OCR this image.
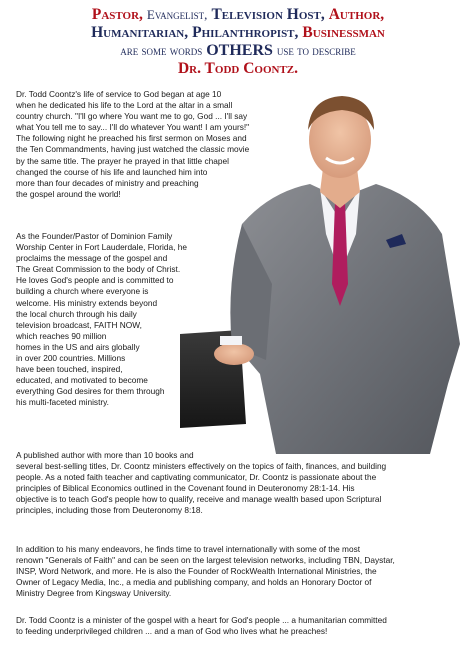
Pastor, Evangelist, Television Host, Author,
Humanitarian, Philanthropist, Businessman
are some words OTHERS use to describe
Dr. Todd Coontz.
Dr. Todd Coontz's life of service to God began at age 10
when he dedicated his life to the Lord at the altar in a small
country church. "I'll go where You want me to go, God ... I'll say
what You tell me to say... I'll do whatever You want! I am yours!"
The following night he preached his first sermon on Moses and
the Ten Commandments, having just watched the classic movie
by the same title. The prayer he prayed in that little chapel
changed the course of his life and launched him into
more than four decades of ministry and preaching
the gospel around the world!
As the Founder/Pastor of Dominion Family
Worship Center in Fort Lauderdale, Florida, he
proclaims the message of the gospel and
The Great Commission to the body of Christ.
He loves God's people and is committed to
building a church where everyone is
welcome. His ministry extends beyond
the local church through his daily
television broadcast, FAITH NOW,
which reaches 90 million
homes in the US and airs globally
in over 200 countries. Millions
have been touched, inspired,
educated, and motivated to become
everything God desires for them through
his multi-faceted ministry.
A published author with more than 10 books and
several best-selling titles, Dr. Coontz ministers effectively on the topics of faith, finances, and building
people. As a noted faith teacher and captivating communicator, Dr. Coontz is passionate about the
principles of Biblical Economics outlined in the Covenant found in Deuteronomy 28:1-14. His
objective is to teach God's people how to qualify, receive and manage wealth based upon Scriptural
principles, including those from Deuteronomy 8:18.
In addition to his many endeavors, he finds time to travel internationally with some of the most
renown "Generals of Faith" and can be seen on the largest television networks, including TBN, Daystar,
INSP, Word Network, and more. He is also the Founder of RockWealth International Ministries, the
Owner of Legacy Media, Inc., a media and publishing company, and holds an Honorary Doctor of
Ministry Degree from Kingsway University.
Dr. Todd Coontz is a minister of the gospel with a heart for God's people ... a humanitarian committed
to feeding underprivileged children ... and a man of God who lives what he preaches!
